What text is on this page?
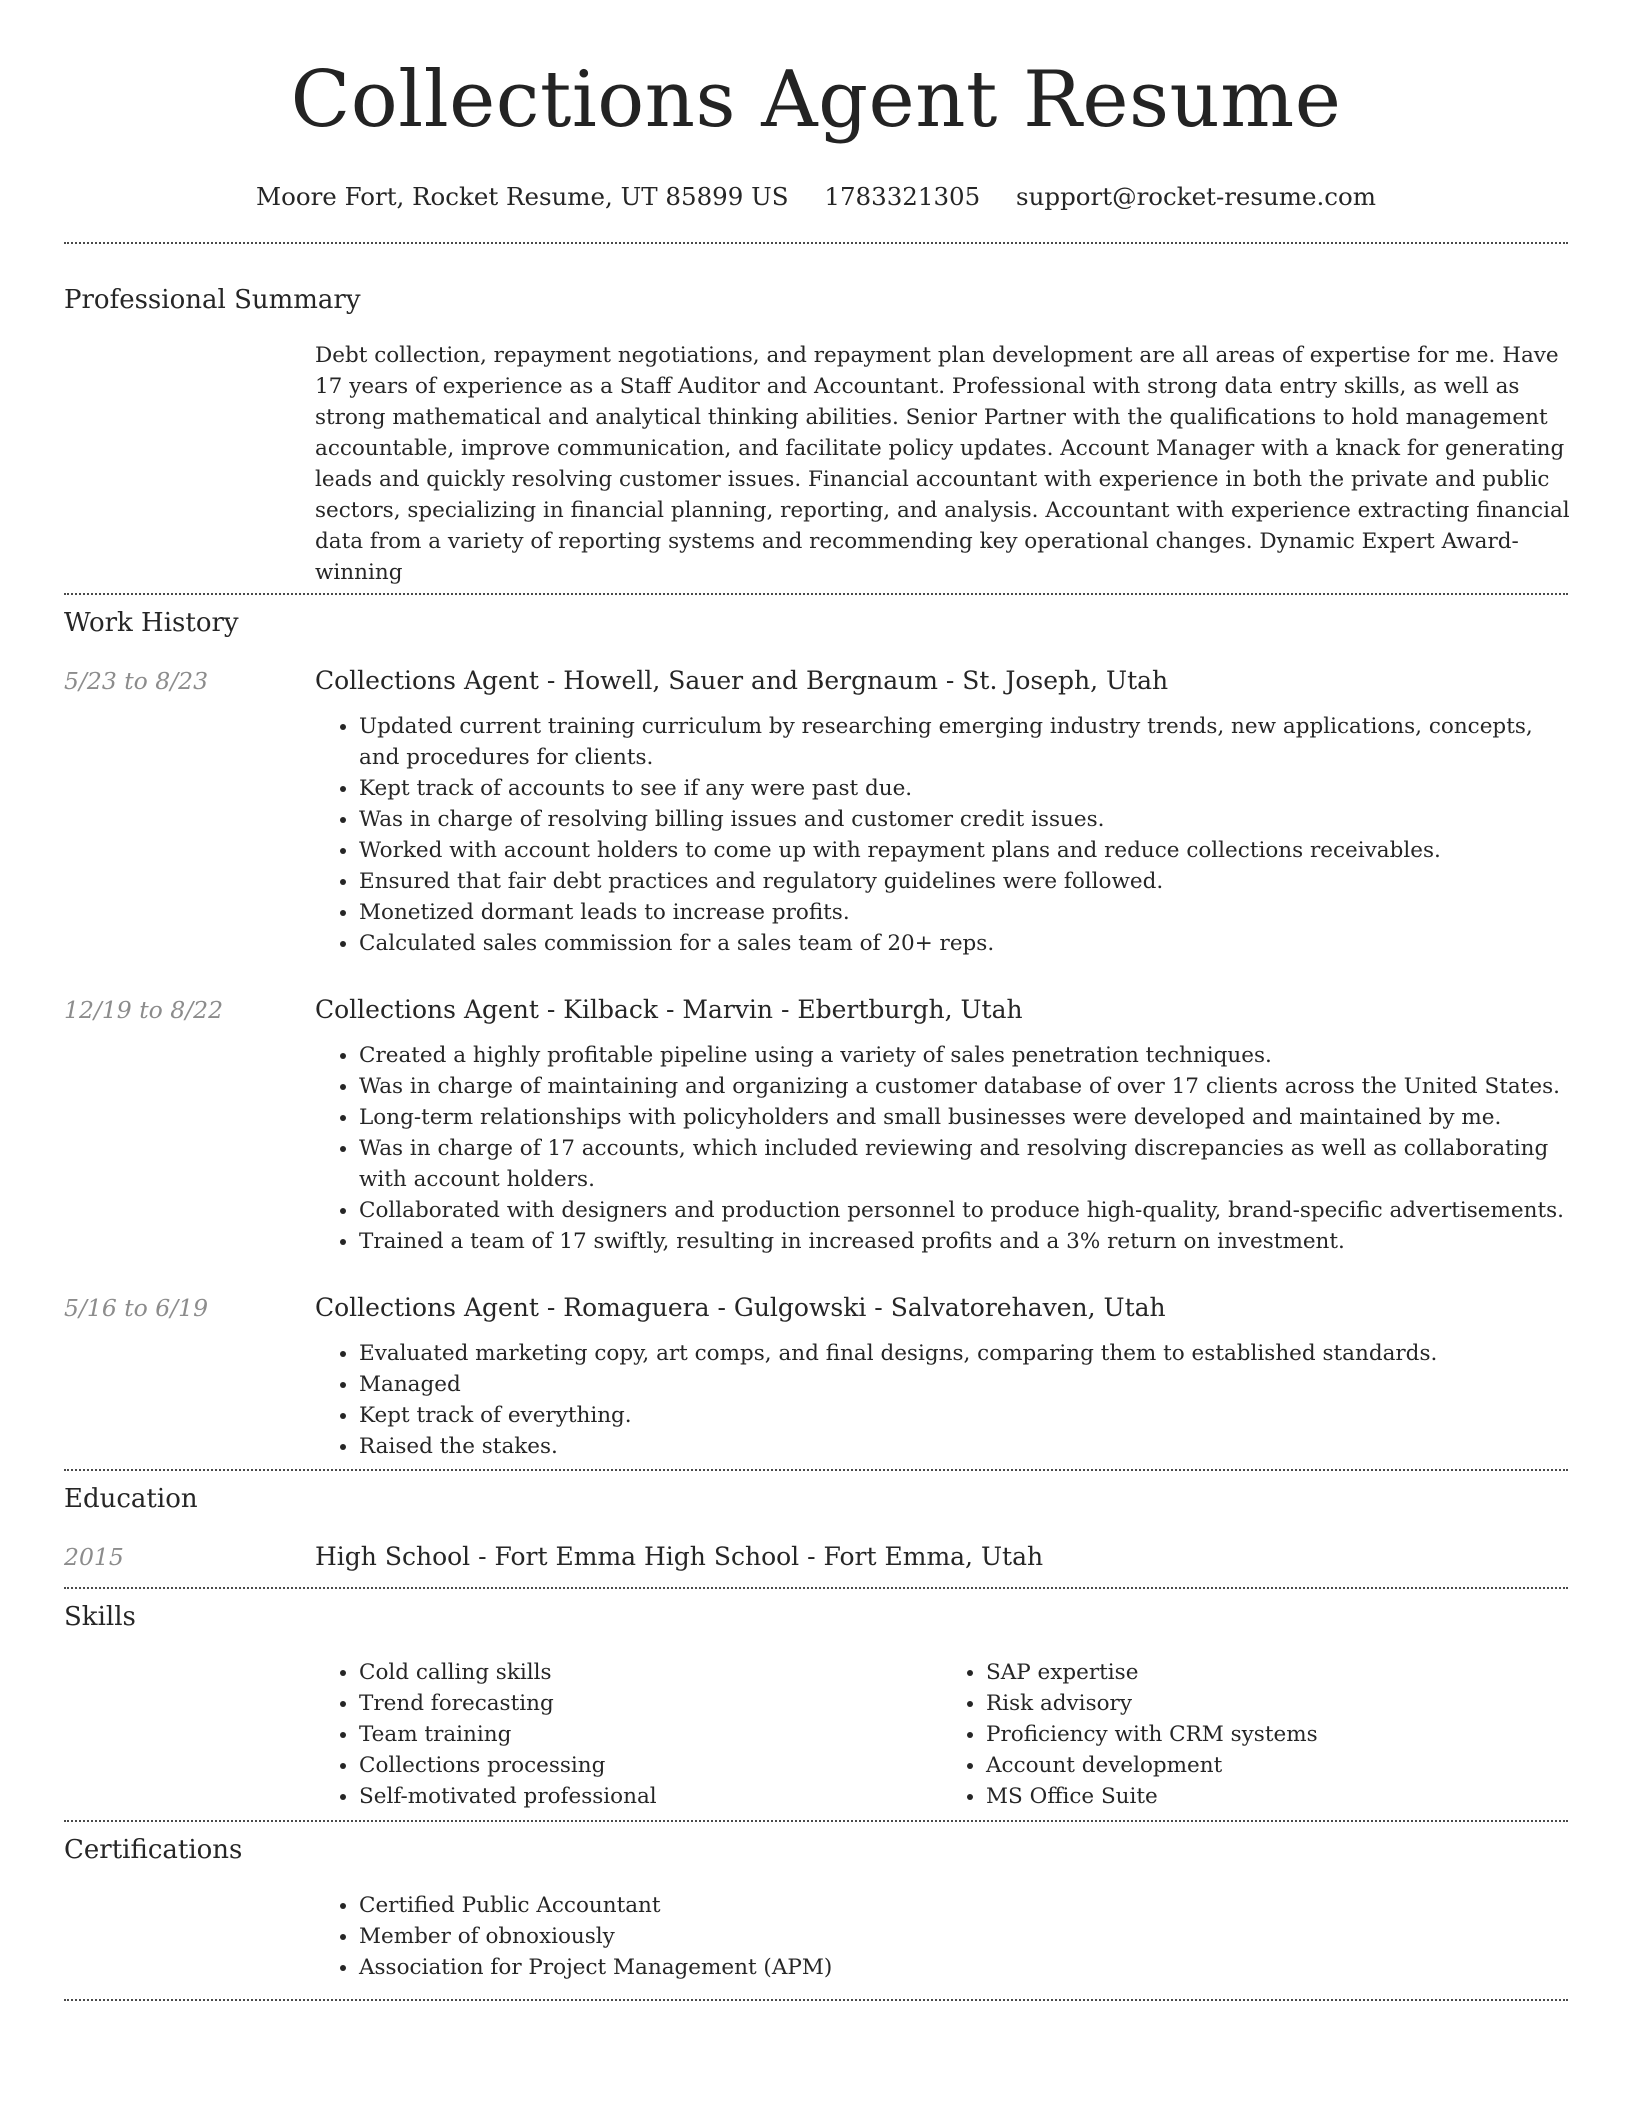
Collections Agent Resume
Moore Fort, Rocket Resume, UT 85899 US 1783321305 support@rocket-resume.com
Professional Summary
Debt collection, repayment negotiations, and repayment plan development are all areas of expertise for me. Have 17 years of experience as a Staff Auditor and Accountant. Professional with strong data entry skills, as well as strong mathematical and analytical thinking abilities. Senior Partner with the qualifications to hold management accountable, improve communication, and facilitate policy updates. Account Manager with a knack for generating leads and quickly resolving customer issues. Financial accountant with experience in both the private and public sectors, specializing in financial planning, reporting, and analysis. Accountant with experience extracting financial data from a variety of reporting systems and recommending key operational changes. Dynamic Expert Award-winning
Work History
5/23 to 8/23	Collections Agent - Howell, Sauer and Bergnaum - St. Joseph, Utah
• Updated current training curriculum by researching emerging industry trends, new applications, concepts, and procedures for clients.
• Kept track of accounts to see if any were past due.
• Was in charge of resolving billing issues and customer credit issues.
• Worked with account holders to come up with repayment plans and reduce collections receivables.
• Ensured that fair debt practices and regulatory guidelines were followed.
• Monetized dormant leads to increase profits.
• Calculated sales commission for a sales team of 20+ reps.
12/19 to 8/22	Collections Agent - Kilback - Marvin - Ebertburgh, Utah
• Created a highly profitable pipeline using a variety of sales penetration techniques.
• Was in charge of maintaining and organizing a customer database of over 17 clients across the United States.
• Long-term relationships with policyholders and small businesses were developed and maintained by me.
• Was in charge of 17 accounts, which included reviewing and resolving discrepancies as well as collaborating with account holders.
• Collaborated with designers and production personnel to produce high-quality, brand-specific advertisements.
• Trained a team of 17 swiftly, resulting in increased profits and a 3% return on investment.
5/16 to 6/19	Collections Agent - Romaguera - Gulgowski - Salvatorehaven, Utah
• Evaluated marketing copy, art comps, and final designs, comparing them to established standards.
• Managed
• Kept track of everything.
• Raised the stakes.
Education
2015	High School - Fort Emma High School - Fort Emma, Utah
Skills
• Cold calling skills
• Trend forecasting
• Team training
• Collections processing
• Self-motivated professional
• SAP expertise
• Risk advisory
• Proficiency with CRM systems
• Account development
• MS Office Suite
Certifications
• Certified Public Accountant
• Member of obnoxiously
• Association for Project Management (APM)
